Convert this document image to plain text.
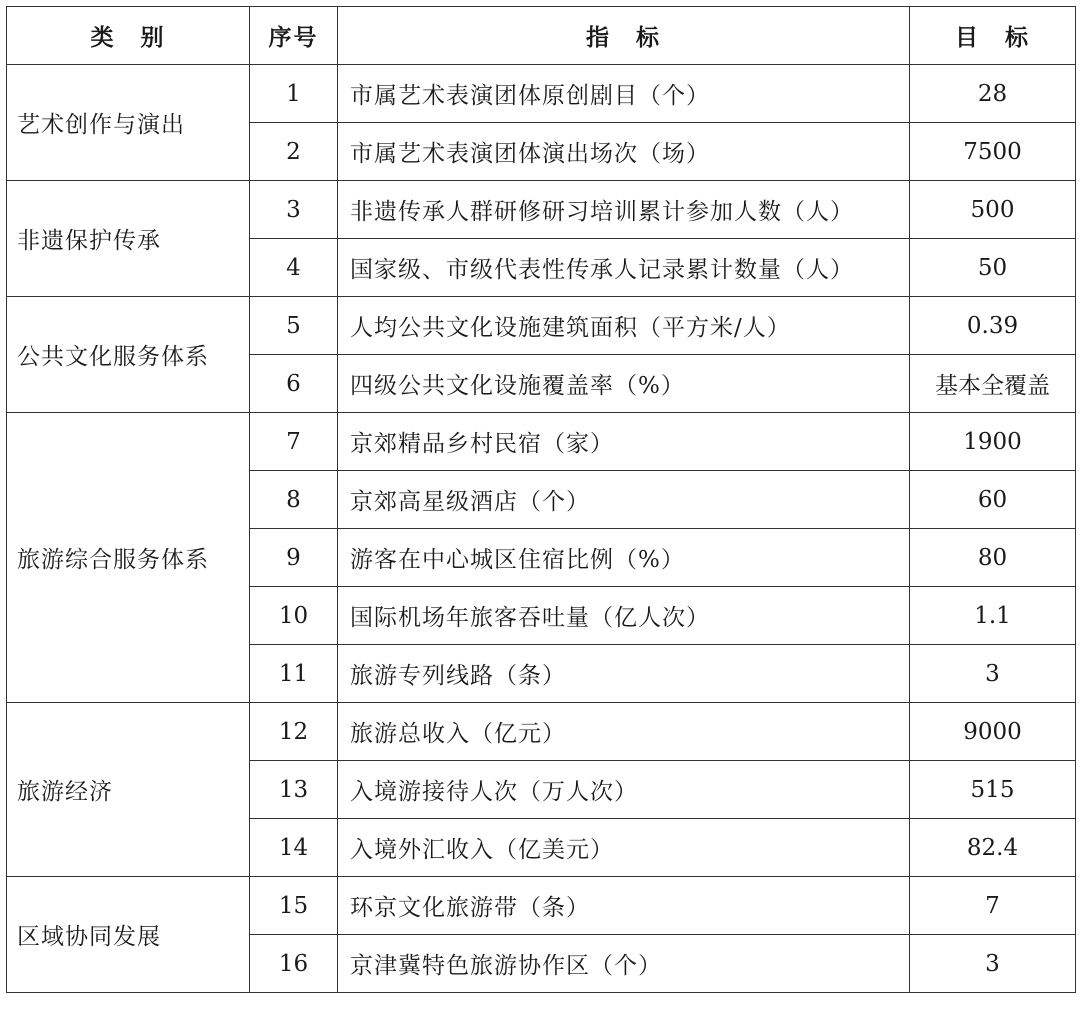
类　别	序号	指　标	目　标
艺术创作与演出	1	市属艺术表演团体原创剧目（个）	28
	2	市属艺术表演团体演出场次（场）	7500
非遗保护传承	3	非遗传承人群研修研习培训累计参加人数（人）	500
	4	国家级、市级代表性传承人记录累计数量（人）	50
公共文化服务体系	5	人均公共文化设施建筑面积（平方米/人）	0.39
	6	四级公共文化设施覆盖率（%）	基本全覆盖
旅游综合服务体系	7	京郊精品乡村民宿（家）	1900
	8	京郊高星级酒店（个）	60
	9	游客在中心城区住宿比例（%）	80
	10	国际机场年旅客吞吐量（亿人次）	1.1
	11	旅游专列线路（条）	3
旅游经济	12	旅游总收入（亿元）	9000
	13	入境游接待人次（万人次）	515
	14	入境外汇收入（亿美元）	82.4
区域协同发展	15	环京文化旅游带（条）	7
	16	京津冀特色旅游协作区（个）	3
